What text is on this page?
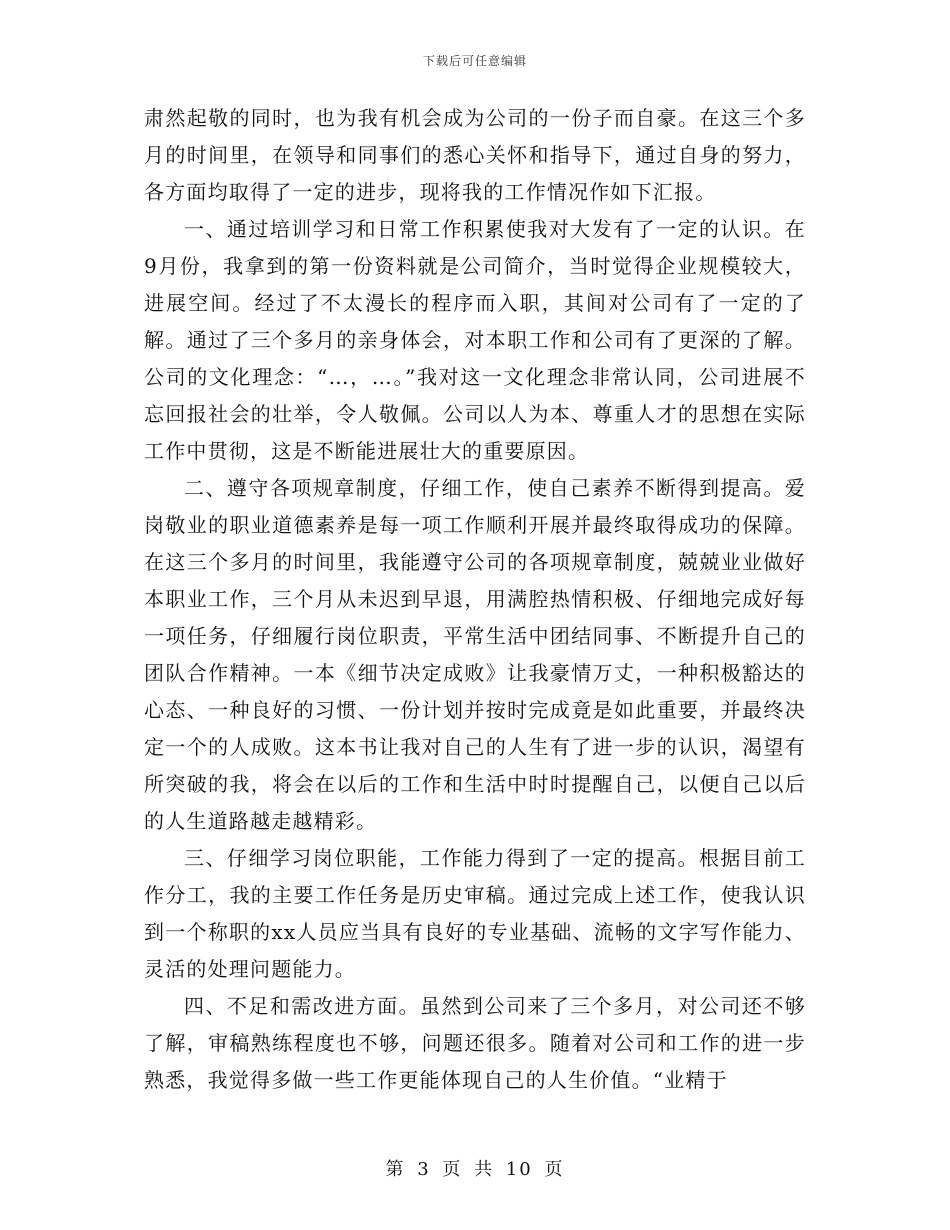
下载后可任意编辑

肃然起敬的同时，也为我有机会成为公司的一份子而自豪。在这三个多月的时间里，在领导和同事们的悉心关怀和指导下，通过自身的努力，各方面均取得了一定的进步，现将我的工作情况作如下汇报。

一、通过培训学习和日常工作积累使我对大发有了一定的认识。在9月份，我拿到的第一份资料就是公司简介，当时觉得企业规模较大，进展空间。经过了不太漫长的程序而入职，其间对公司有了一定的了解。通过了三个多月的亲身体会，对本职工作和公司有了更深的了解。公司的文化理念：“…，…。”我对这一文化理念非常认同，公司进展不忘回报社会的壮举，令人敬佩。公司以人为本、尊重人才的思想在实际工作中贯彻，这是不断能进展壮大的重要原因。

二、遵守各项规章制度，仔细工作，使自己素养不断得到提高。爱岗敬业的职业道德素养是每一项工作顺利开展并最终取得成功的保障。在这三个多月的时间里，我能遵守公司的各项规章制度，兢兢业业做好本职业工作，三个月从未迟到早退，用满腔热情积极、仔细地完成好每一项任务，仔细履行岗位职责，平常生活中团结同事、不断提升自己的团队合作精神。一本《细节决定成败》让我豪情万丈，一种积极豁达的心态、一种良好的习惯、一份计划并按时完成竟是如此重要，并最终决定一个的人成败。这本书让我对自己的人生有了进一步的认识，渴望有所突破的我，将会在以后的工作和生活中时时提醒自己，以便自己以后的人生道路越走越精彩。

三、仔细学习岗位职能，工作能力得到了一定的提高。根据目前工作分工，我的主要工作任务是历史审稿。通过完成上述工作，使我认识到一个称职的xx人员应当具有良好的专业基础、流畅的文字写作能力、灵活的处理问题能力。

四、不足和需改进方面。虽然到公司来了三个多月，对公司还不够了解，审稿熟练程度也不够，问题还很多。随着对公司和工作的进一步熟悉，我觉得多做一些工作更能体现自己的人生价值。“业精于

第 3 页 共 10 页
